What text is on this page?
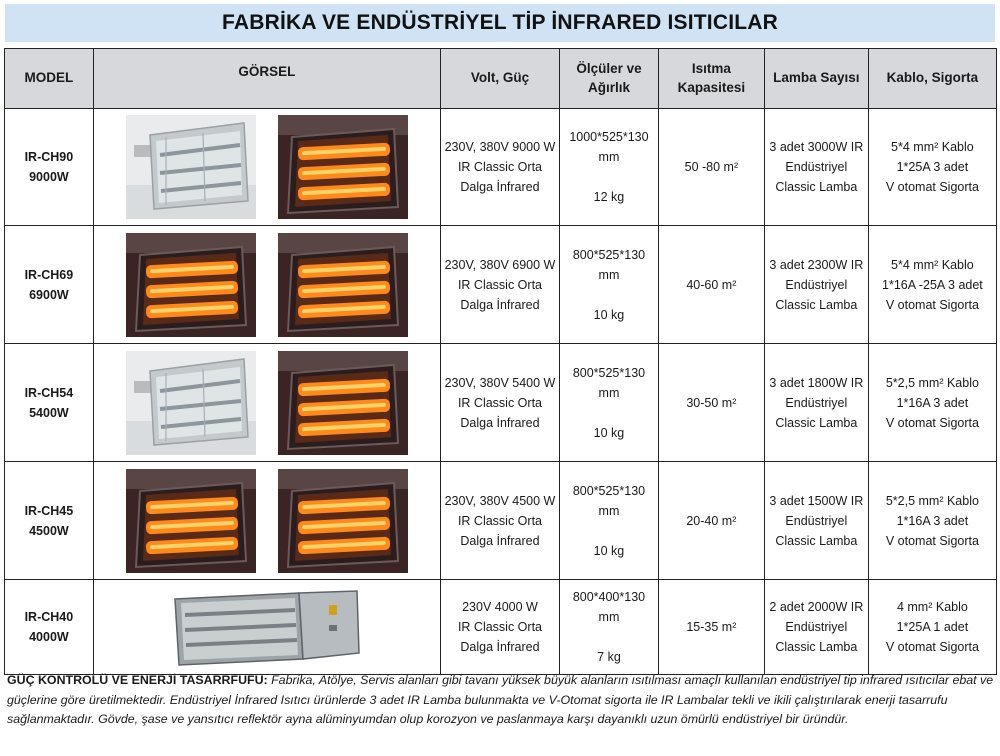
FABRİKA VE ENDÜSTRİYEL TİP İNFRARED ISITICILAR
MODEL	GÖRSEL	Volt, Güç	Ölçüler ve
Ağırlık	Isıtma
Kapasitesi	Lamba Sayısı	Kablo, Sigorta
IR-CH90
9000W		230V, 380V 9000 W
IR Classic Orta
Dalga İnfrared	1000*525*130
mm
12 kg	50 -80 m²	3 adet 3000W IR
Endüstriyel
Classic Lamba	5*4 mm² Kablo
1*25A 3 adet
V otomat Sigorta
IR-CH69
6900W		230V, 380V 6900 W
IR Classic Orta
Dalga İnfrared	800*525*130 mm
10 kg	40-60 m²	3 adet 2300W IR
Endüstriyel
Classic Lamba	5*4 mm² Kablo
1*16A -25A 3 adet
V otomat Sigorta
IR-CH54
5400W		230V, 380V 5400 W
IR Classic Orta
Dalga İnfrared	800*525*130 mm
10 kg	30-50 m²	3 adet 1800W IR
Endüstriyel
Classic Lamba	5*2,5 mm² Kablo
1*16A 3 adet
V otomat Sigorta
IR-CH45
4500W		230V, 380V 4500 W
IR Classic Orta
Dalga İnfrared	800*525*130 mm
10 kg	20-40 m²	3 adet 1500W IR
Endüstriyel
Classic Lamba	5*2,5 mm² Kablo
1*16A 3 adet
V otomat Sigorta
IR-CH40
4000W		230V 4000 W
IR Classic Orta
Dalga İnfrared	800*400*130 mm
7 kg	15-35 m²	2 adet 2000W IR
Endüstriyel
Classic Lamba	4 mm² Kablo
1*25A 1 adet
V otomat Sigorta
GÜÇ KONTROLÜ VE ENERJİ TASARRFUFU: Fabrika, Atölye, Servis alanları gibi tavanı yüksek büyük alanların ısıtılması amaçlı kullanılan endüstriyel tip infrared ısıtıcılar ebat ve güçlerine göre üretilmektedir. Endüstriyel İnfrared Isıtıcı ürünlerde 3 adet IR Lamba bulunmakta ve V-Otomat sigorta ile IR Lambalar tekli ve ikili çalıştırılarak enerji tasarrufu sağlanmaktadır. Gövde, şase ve yansıtıcı reflektör ayna alüminyumdan olup korozyon ve paslanmaya karşı dayanıklı uzun ömürlü endüstriyel bir üründür.
